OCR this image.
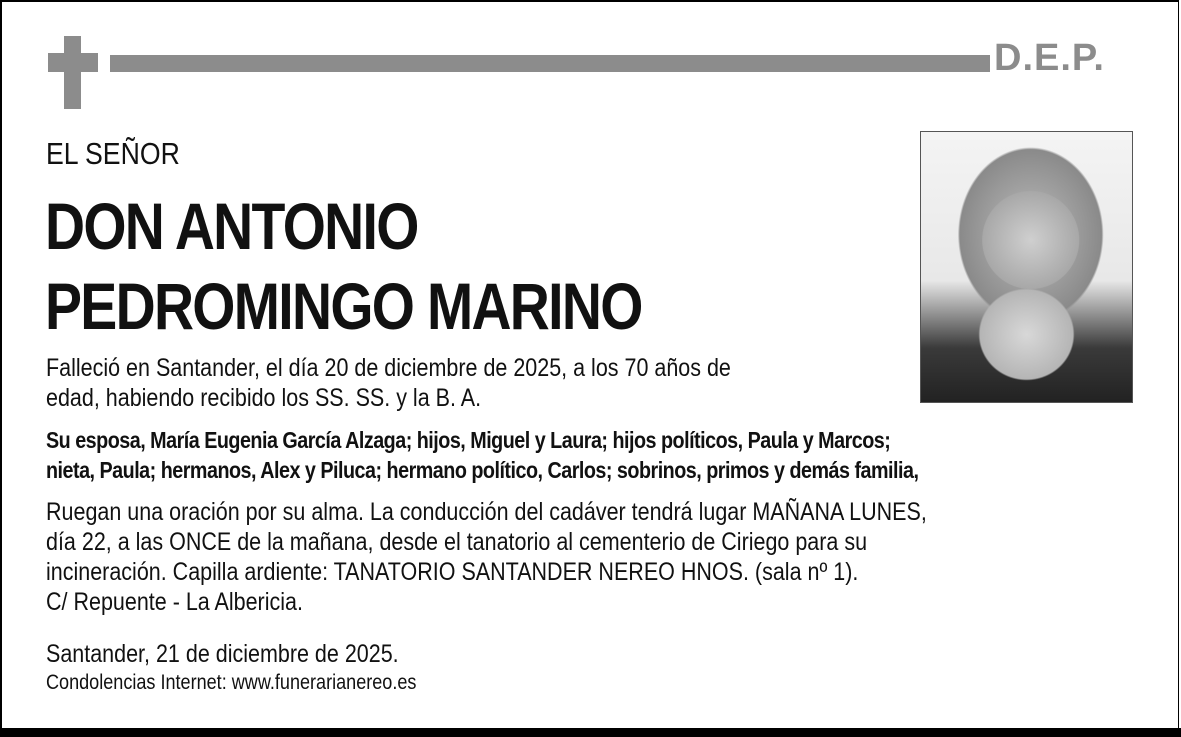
D.E.P.
EL SEÑOR
DON ANTONIO
PEDROMINGO MARINO
Falleció en Santander, el día 20 de diciembre de 2025, a los 70 años de
edad, habiendo recibido los SS. SS. y la B. A.
Su esposa, María Eugenia García Alzaga; hijos, Miguel y Laura; hijos políticos, Paula y Marcos;
nieta, Paula; hermanos, Alex y Piluca; hermano político, Carlos; sobrinos, primos y demás familia,
Ruegan una oración por su alma. La conducción del cadáver tendrá lugar MAÑANA LUNES,
día 22, a las ONCE de la mañana, desde el tanatorio al cementerio de Ciriego para su
incineración. Capilla ardiente: TANATORIO SANTANDER NEREO HNOS. (sala nº 1).
C/ Repuente - La Albericia.
Santander, 21 de diciembre de 2025.
Condolencias Internet: www.funerarianereo.es
